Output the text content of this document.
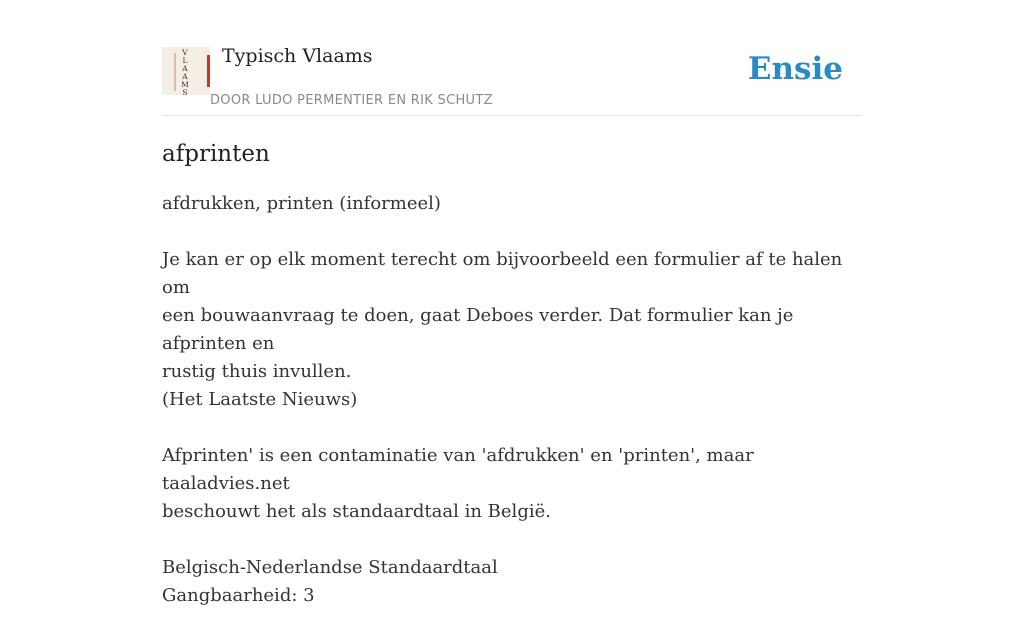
V L A A M S
Typisch Vlaams
DOOR LUDO PERMENTIER EN RIK SCHUTZ
Ensie
afprinten

afdrukken, printen (informeel)

Je kan er op elk moment terecht om bijvoorbeeld een formulier af te halen om
een bouwaanvraag te doen, gaat Deboes verder. Dat formulier kan je afprinten en
rustig thuis invullen.
(Het Laatste Nieuws)

Afprinten' is een contaminatie van 'afdrukken' en 'printen', maar taaladvies.net
beschouwt het als standaardtaal in België.

Belgisch-Nederlandse Standaardtaal
Gangbaarheid: 3
